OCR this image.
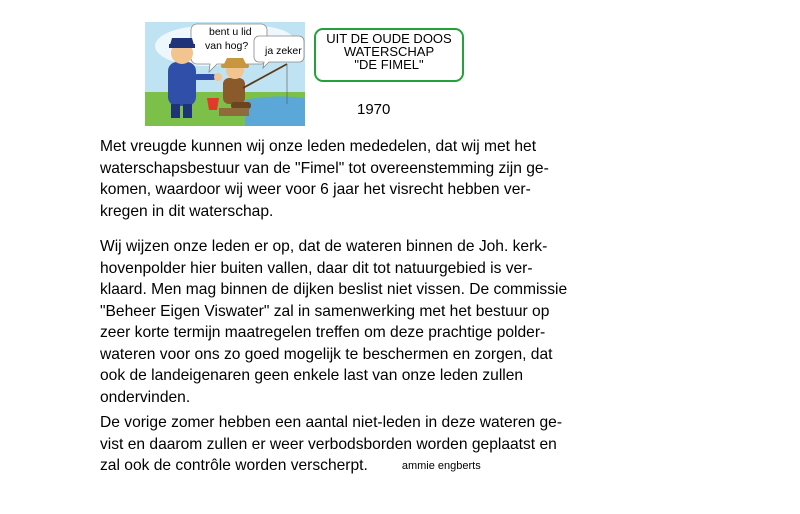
bent u lid
van hog? ja zeker
UIT DE OUDE DOOS
WATERSCHAP
"DE FIMEL"
1970
Met vreugde kunnen wij onze leden mededelen, dat wij met het
waterschapsbestuur van de "Fimel" tot overeenstemming zijn ge-
komen, waardoor wij weer voor 6 jaar het visrecht hebben ver-
kregen in dit waterschap.
Wij wijzen onze leden er op, dat de wateren binnen de Joh. kerk-
hovenpolder hier buiten vallen, daar dit tot natuurgebied is ver-
klaard. Men mag binnen de dijken beslist niet vissen. De commissie
"Beheer Eigen Viswater" zal in samenwerking met het bestuur op
zeer korte termijn maatregelen treffen om deze prachtige polder-
wateren voor ons zo goed mogelijk te beschermen en zorgen, dat
ook de landeigenaren geen enkele last van onze leden zullen
ondervinden.
De vorige zomer hebben een aantal niet-leden in deze wateren ge-
vist en daarom zullen er weer verbodsborden worden geplaatst en
zal ook de contrôle worden verscherpt.	ammie engberts
